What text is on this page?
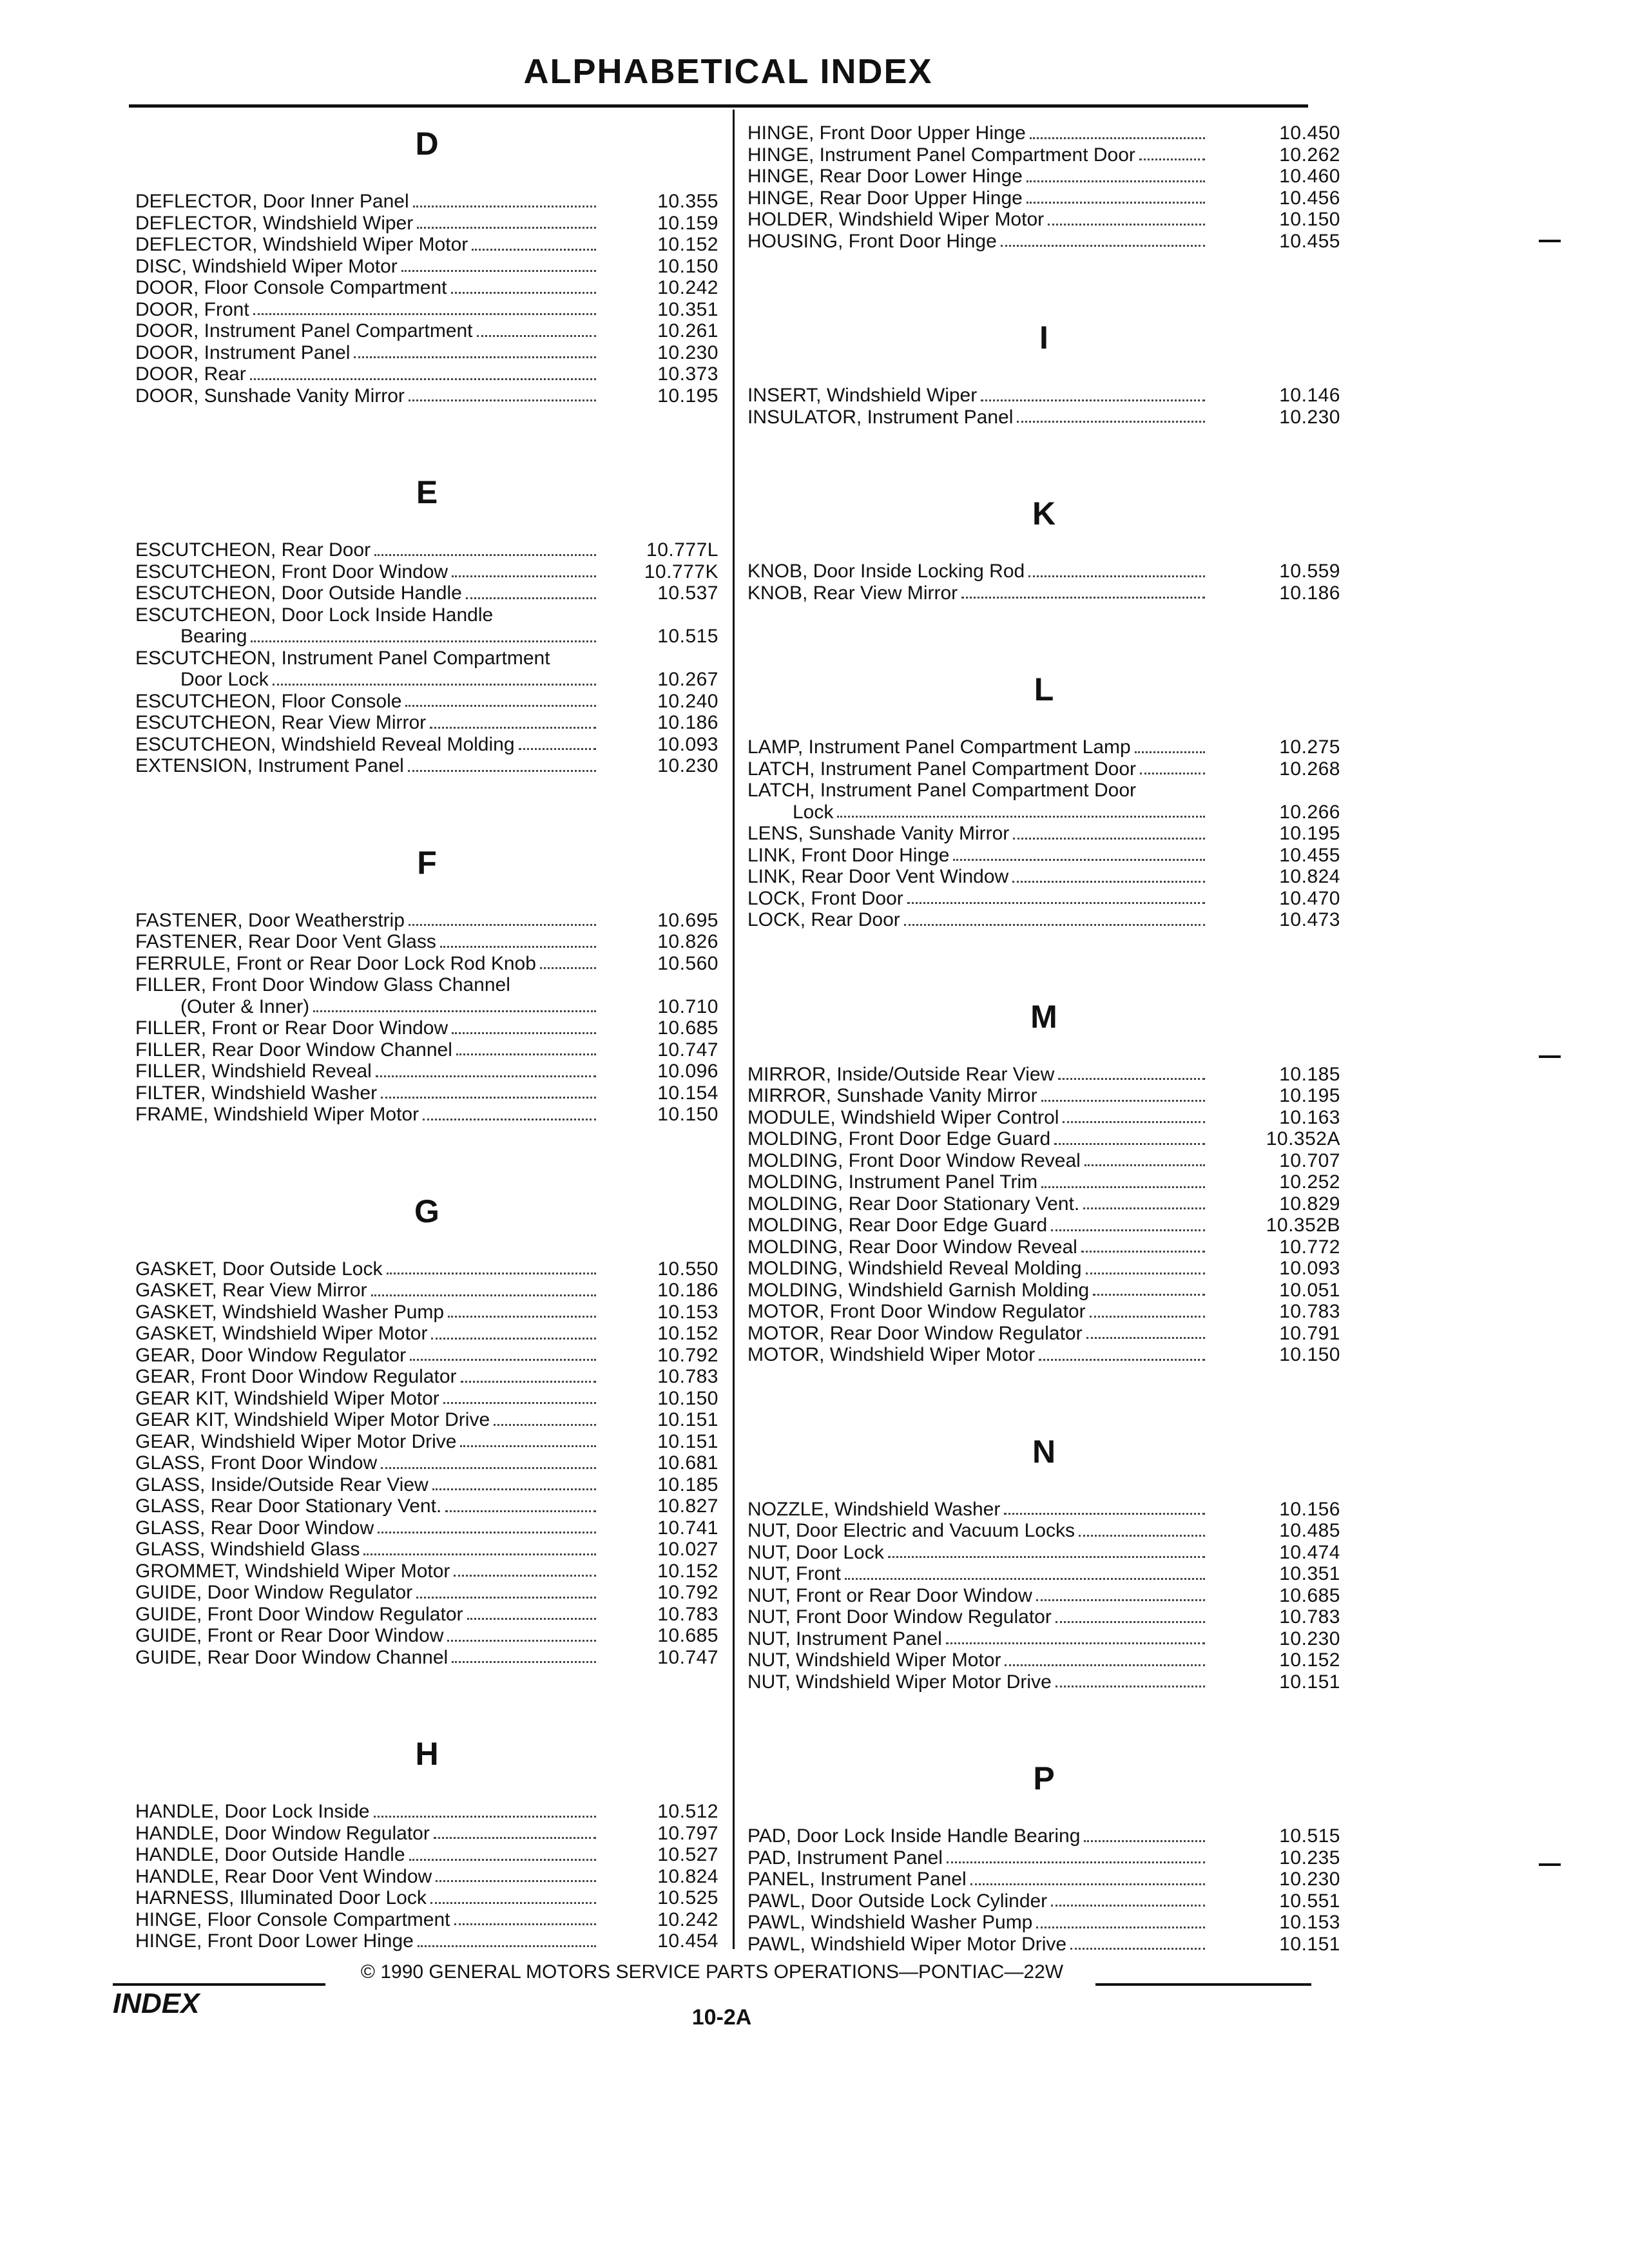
ALPHABETICAL INDEX
D
DEFLECTOR, Door Inner Panel	10.355
DEFLECTOR, Windshield Wiper	10.159
DEFLECTOR, Windshield Wiper Motor	10.152
DISC, Windshield Wiper Motor	10.150
DOOR, Floor Console Compartment	10.242
DOOR, Front	10.351
DOOR, Instrument Panel Compartment	10.261
DOOR, Instrument Panel	10.230
DOOR, Rear	10.373
DOOR, Sunshade Vanity Mirror	10.195
E
ESCUTCHEON, Rear Door	10.777L
ESCUTCHEON, Front Door Window	10.777K
ESCUTCHEON, Door Outside Handle	10.537
ESCUTCHEON, Door Lock Inside Handle
Bearing	10.515
ESCUTCHEON, Instrument Panel Compartment
Door Lock	10.267
ESCUTCHEON, Floor Console	10.240
ESCUTCHEON, Rear View Mirror	10.186
ESCUTCHEON, Windshield Reveal Molding	10.093
EXTENSION, Instrument Panel	10.230
F
FASTENER, Door Weatherstrip	10.695
FASTENER, Rear Door Vent Glass	10.826
FERRULE, Front or Rear Door Lock Rod Knob	10.560
FILLER, Front Door Window Glass Channel
(Outer & Inner)	10.710
FILLER, Front or Rear Door Window	10.685
FILLER, Rear Door Window Channel	10.747
FILLER, Windshield Reveal	10.096
FILTER, Windshield Washer	10.154
FRAME, Windshield Wiper Motor	10.150
G
GASKET, Door Outside Lock	10.550
GASKET, Rear View Mirror	10.186
GASKET, Windshield Washer Pump	10.153
GASKET, Windshield Wiper Motor	10.152
GEAR, Door Window Regulator	10.792
GEAR, Front Door Window Regulator	10.783
GEAR KIT, Windshield Wiper Motor	10.150
GEAR KIT, Windshield Wiper Motor Drive	10.151
GEAR, Windshield Wiper Motor Drive	10.151
GLASS, Front Door Window	10.681
GLASS, Inside/Outside Rear View	10.185
GLASS, Rear Door Stationary Vent.	10.827
GLASS, Rear Door Window	10.741
GLASS, Windshield Glass	10.027
GROMMET, Windshield Wiper Motor	10.152
GUIDE, Door Window Regulator	10.792
GUIDE, Front Door Window Regulator	10.783
GUIDE, Front or Rear Door Window	10.685
GUIDE, Rear Door Window Channel	10.747
H
HANDLE, Door Lock Inside	10.512
HANDLE, Door Window Regulator	10.797
HANDLE, Door Outside Handle	10.527
HANDLE, Rear Door Vent Window	10.824
HARNESS, Illuminated Door Lock	10.525
HINGE, Floor Console Compartment	10.242
HINGE, Front Door Lower Hinge	10.454
HINGE, Front Door Upper Hinge	10.450
HINGE, Instrument Panel Compartment Door	10.262
HINGE, Rear Door Lower Hinge	10.460
HINGE, Rear Door Upper Hinge	10.456
HOLDER, Windshield Wiper Motor	10.150
HOUSING, Front Door Hinge	10.455
I
INSERT, Windshield Wiper	10.146
INSULATOR, Instrument Panel	10.230
K
KNOB, Door Inside Locking Rod	10.559
KNOB, Rear View Mirror	10.186
L
LAMP, Instrument Panel Compartment Lamp	10.275
LATCH, Instrument Panel Compartment Door	10.268
LATCH, Instrument Panel Compartment Door
Lock	10.266
LENS, Sunshade Vanity Mirror	10.195
LINK, Front Door Hinge	10.455
LINK, Rear Door Vent Window	10.824
LOCK, Front Door	10.470
LOCK, Rear Door	10.473
M
MIRROR, Inside/Outside Rear View	10.185
MIRROR, Sunshade Vanity Mirror	10.195
MODULE, Windshield Wiper Control	10.163
MOLDING, Front Door Edge Guard	10.352A
MOLDING, Front Door Window Reveal	10.707
MOLDING, Instrument Panel Trim	10.252
MOLDING, Rear Door Stationary Vent.	10.829
MOLDING, Rear Door Edge Guard	10.352B
MOLDING, Rear Door Window Reveal	10.772
MOLDING, Windshield Reveal Molding	10.093
MOLDING, Windshield Garnish Molding	10.051
MOTOR, Front Door Window Regulator	10.783
MOTOR, Rear Door Window Regulator	10.791
MOTOR, Windshield Wiper Motor	10.150
N
NOZZLE, Windshield Washer	10.156
NUT, Door Electric and Vacuum Locks	10.485
NUT, Door Lock	10.474
NUT, Front	10.351
NUT, Front or Rear Door Window	10.685
NUT, Front Door Window Regulator	10.783
NUT, Instrument Panel	10.230
NUT, Windshield Wiper Motor	10.152
NUT, Windshield Wiper Motor Drive	10.151
P
PAD, Door Lock Inside Handle Bearing	10.515
PAD, Instrument Panel	10.235
PANEL, Instrument Panel	10.230
PAWL, Door Outside Lock Cylinder	10.551
PAWL, Windshield Washer Pump	10.153
PAWL, Windshield Wiper Motor Drive	10.151
© 1990 GENERAL MOTORS SERVICE PARTS OPERATIONS—PONTIAC—22W
INDEX	10-2A
